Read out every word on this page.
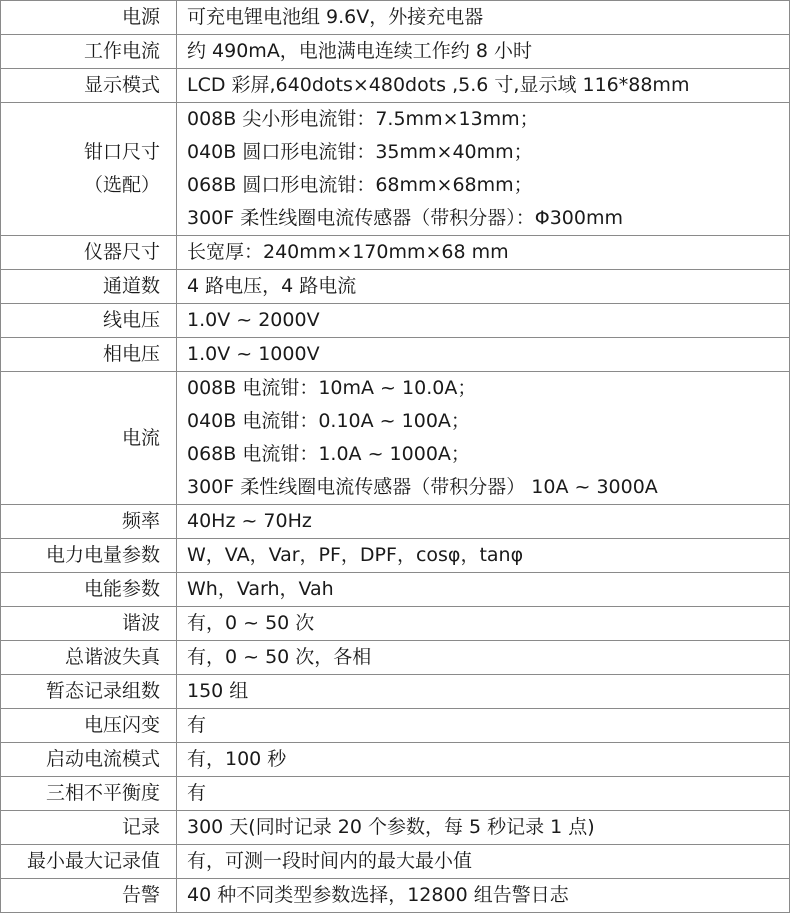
电源	可充电锂电池组 9.6V，外接充电器

工作电流	约 490mA，电池满电连续工作约 8 小时

显示模式	LCD 彩屏,640dots×480dots ,5.6 寸,显示域 116*88mm

钳口尺寸
（选配）	008B 尖小形电流钳：7.5mm×13mm；
040B 圆口形电流钳：35mm×40mm；
068B 圆口形电流钳：68mm×68mm；
300F 柔性线圈电流传感器（带积分器）：Φ300mm

仪器尺寸	长宽厚：240mm×170mm×68 mm

通道数	4 路电压，4 路电流

线电压	1.0V ~ 2000V

相电压	1.0V ~ 1000V

电流	008B 电流钳：10mA ~ 10.0A；
040B 电流钳：0.10A ~ 100A；
068B 电流钳：1.0A ~ 1000A；
300F 柔性线圈电流传感器（带积分器） 10A ~ 3000A

频率	40Hz ~ 70Hz

电力电量参数	W，VA，Var，PF，DPF，cosφ，tanφ

电能参数	Wh，Varh，Vah

谐波	有，0 ~ 50 次

总谐波失真	有，0 ~ 50 次，各相

暂态记录组数	150 组

电压闪变	有

启动电流模式	有，100 秒

三相不平衡度	有

记录	300 天(同时记录 20 个参数，每 5 秒记录 1 点)

最小最大记录值	有，可测一段时间内的最大最小值

告警	40 种不同类型参数选择，12800 组告警日志
